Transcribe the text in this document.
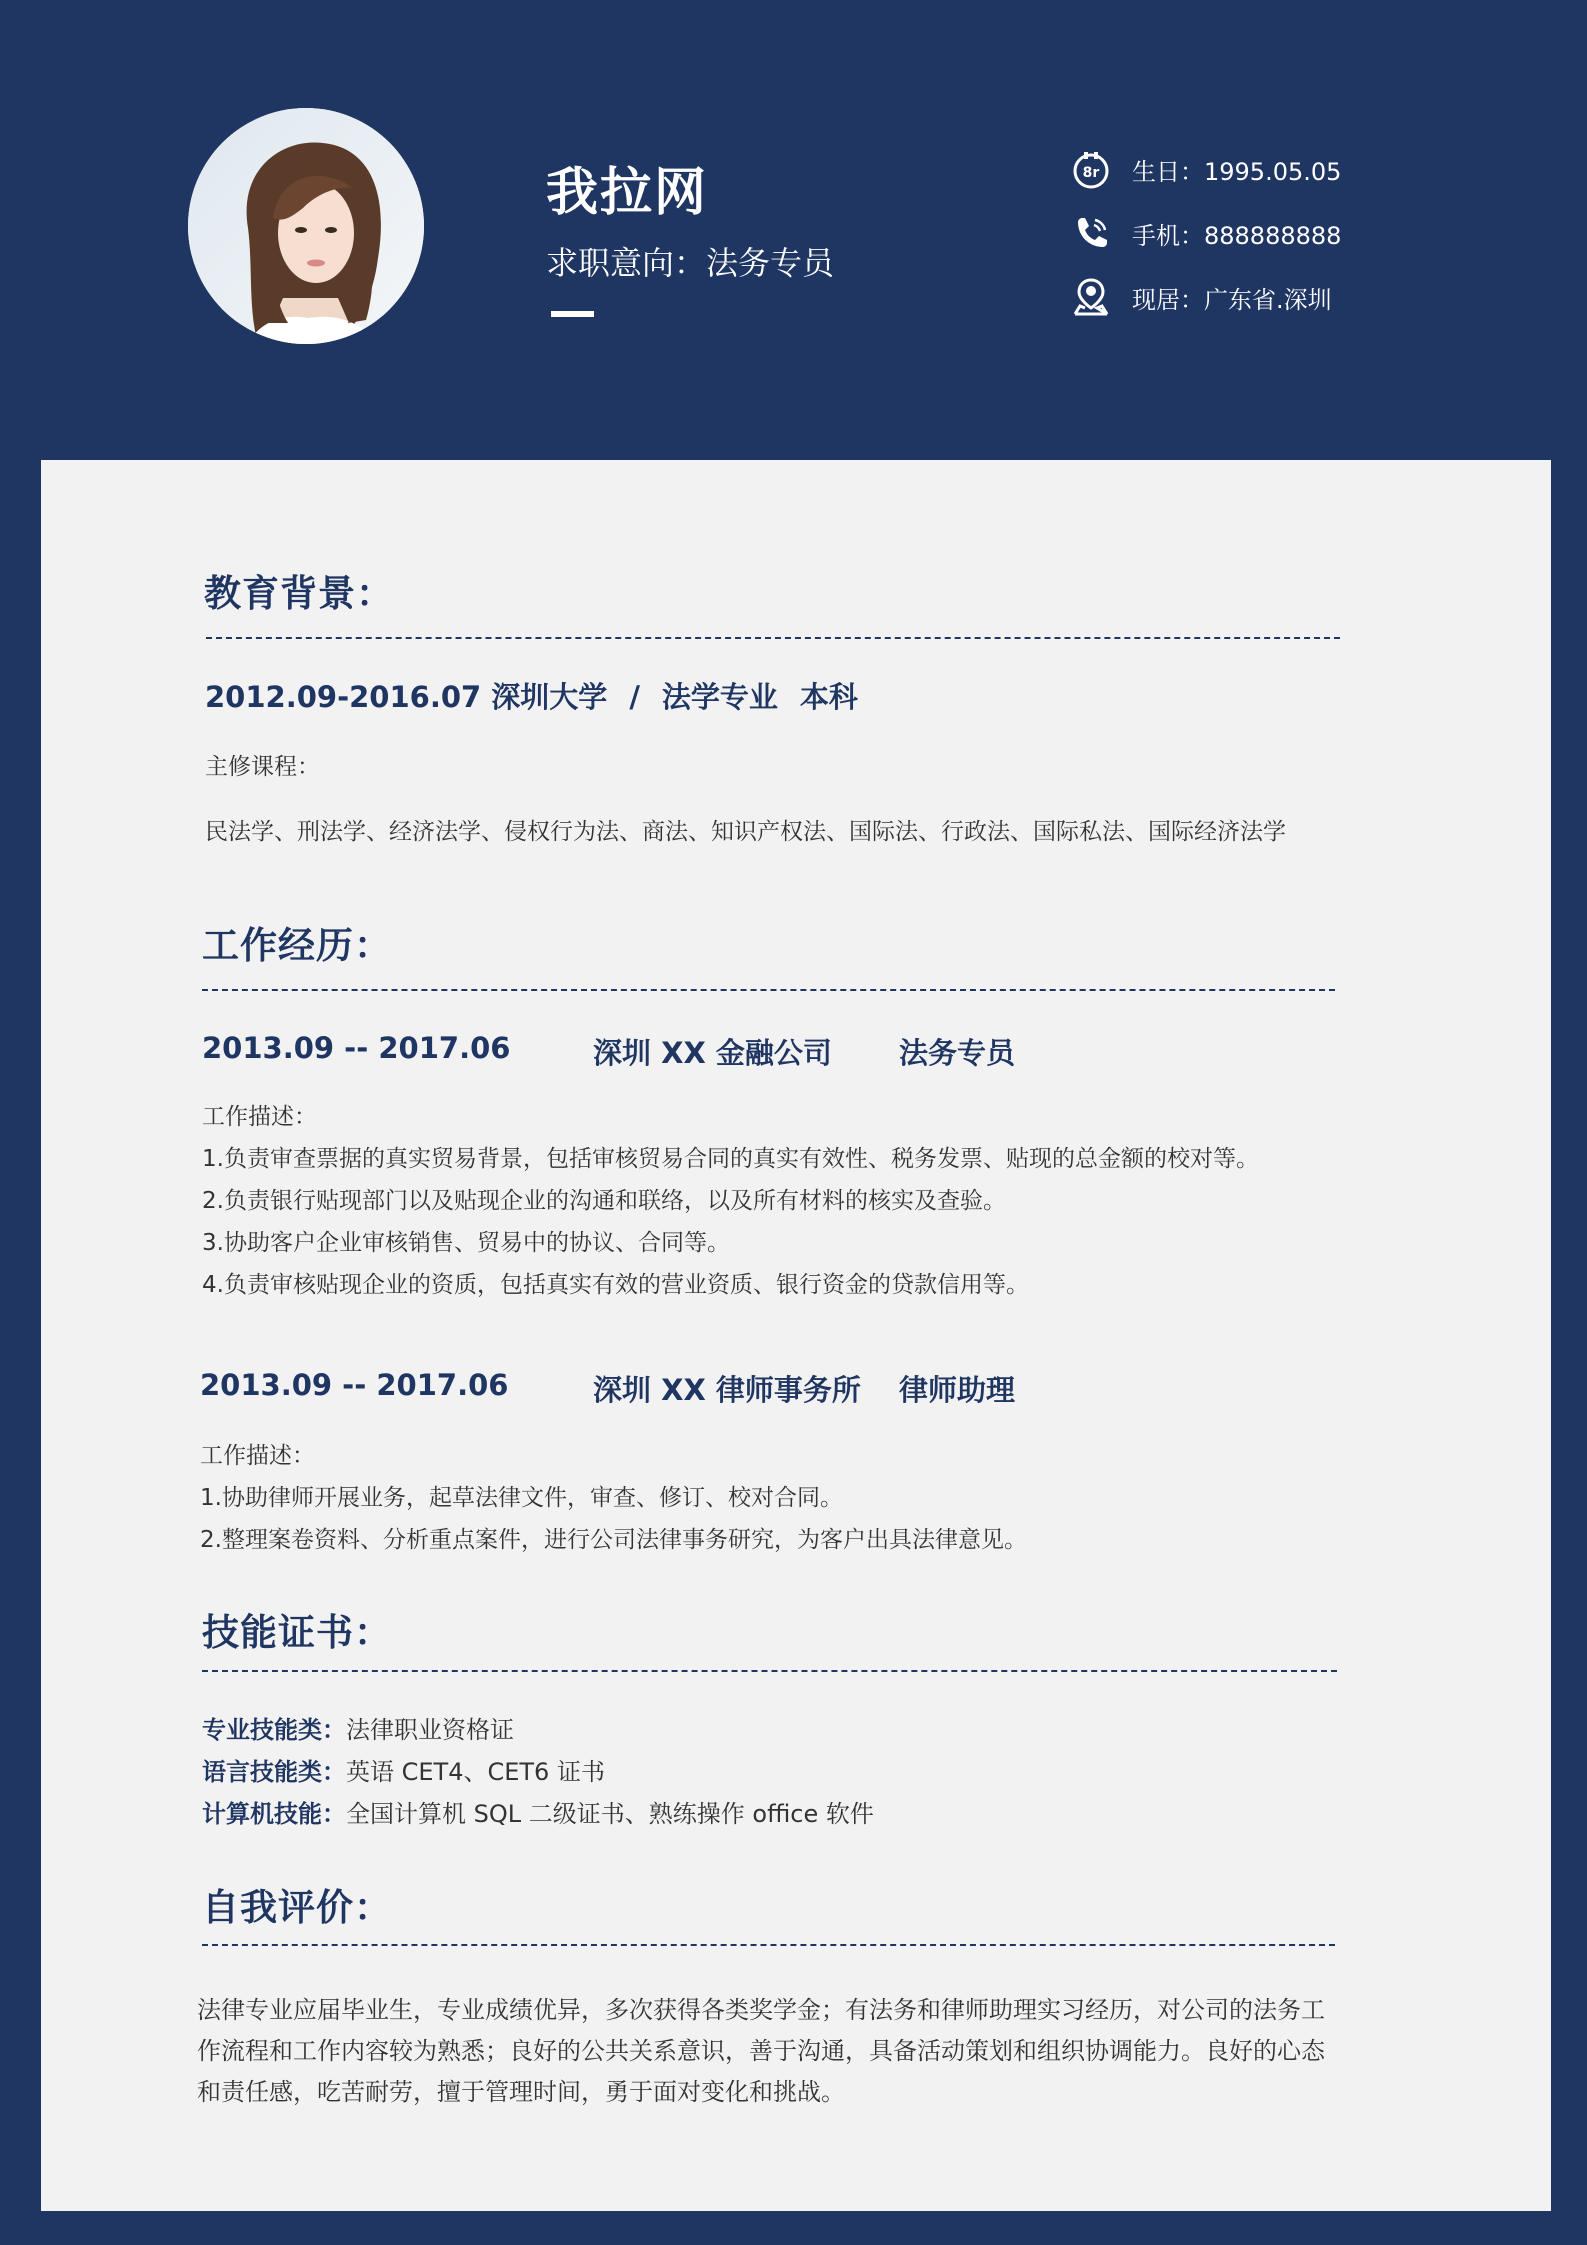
我拉网
求职意向：法务专员
8r 生日：1995.05.05
手机：888888888
现居：广东省.深圳
教育背景：
2012.09-2016.07 深圳大学 / 法学专业 本科
主修课程：
民法学、刑法学、经济法学、侵权行为法、商法、知识产权法、国际法、行政法、国际私法、国际经济法学
工作经历：
2013.09 -- 2017.06	深圳 XX 金融公司 法务专员
工作描述：
1.负责审查票据的真实贸易背景，包括审核贸易合同的真实有效性、税务发票、贴现的总金额的校对等。
2.负责银行贴现部门以及贴现企业的沟通和联络，以及所有材料的核实及查验。
3.协助客户企业审核销售、贸易中的协议、合同等。
4.负责审核贴现企业的资质，包括真实有效的营业资质、银行资金的贷款信用等。
2013.09 -- 2017.06	深圳 XX 律师事务所 律师助理
工作描述：
1.协助律师开展业务，起草法律文件，审查、修订、校对合同。
2.整理案卷资料、分析重点案件，进行公司法律事务研究，为客户出具法律意见。
技能证书：
专业技能类：法律职业资格证
语言技能类：英语 CET4、CET6 证书
计算机技能：全国计算机 SQL 二级证书、熟练操作 office 软件
自我评价：
法律专业应届毕业生，专业成绩优异，多次获得各类奖学金；有法务和律师助理实习经历，对公司的法务工
作流程和工作内容较为熟悉；良好的公共关系意识，善于沟通，具备活动策划和组织协调能力。良好的心态
和责任感，吃苦耐劳，擅于管理时间，勇于面对变化和挑战。
